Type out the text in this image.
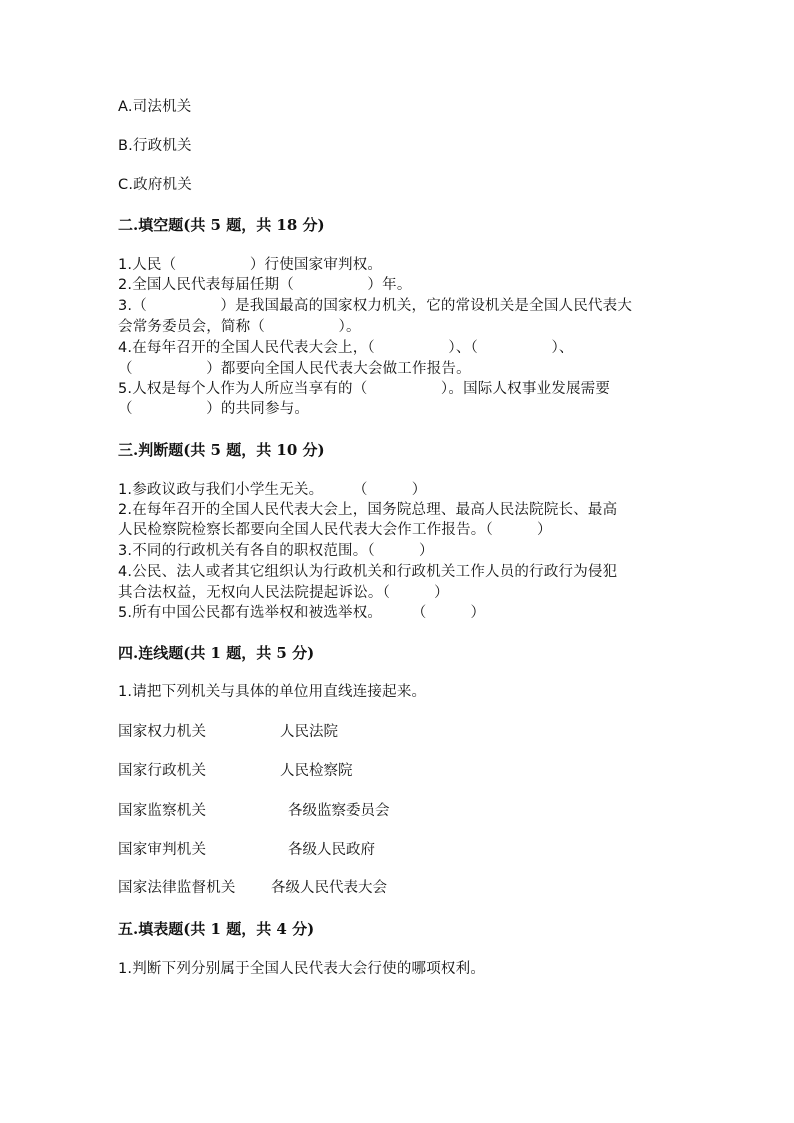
A.司法机关
B.行政机关
C.政府机关
二.填空题(共 5 题，共 18 分)
1.人民（　　　　　）行使国家审判权。
2.全国人民代表每届任期（　　　　　）年。
3.（　　　　　）是我国最高的国家权力机关，它的常设机关是全国人民代表大
会常务委员会，简称（　　　　　）。
4.在每年召开的全国人民代表大会上，（　　　　　）、（　　　　　）、
（　　　　　）都要向全国人民代表大会做工作报告。
5.人权是每个人作为人所应当享有的（　　　　　）。国际人权事业发展需要
（　　　　　）的共同参与。
三.判断题(共 5 题，共 10 分)
1.参政议政与我们小学生无关。　　　（　　　）
2.在每年召开的全国人民代表大会上，国务院总理、最高人民法院院长、最高
人民检察院检察长都要向全国人民代表大会作工作报告。（　　　）
3.不同的行政机关有各自的职权范围。（　　　）
4.公民、法人或者其它组织认为行政机关和行政机关工作人员的行政行为侵犯
其合法权益，无权向人民法院提起诉讼。（　　　）
5.所有中国公民都有选举权和被选举权。　　　（　　　）
四.连线题(共 1 题，共 5 分)
1.请把下列机关与具体的单位用直线连接起来。
国家权力机关	人民法院
国家行政机关	人民检察院
国家监察机关	各级监察委员会
国家审判机关	各级人民政府
国家法律监督机关 各级人民代表大会
五.填表题(共 1 题，共 4 分)
1.判断下列分别属于全国人民代表大会行使的哪项权利。
